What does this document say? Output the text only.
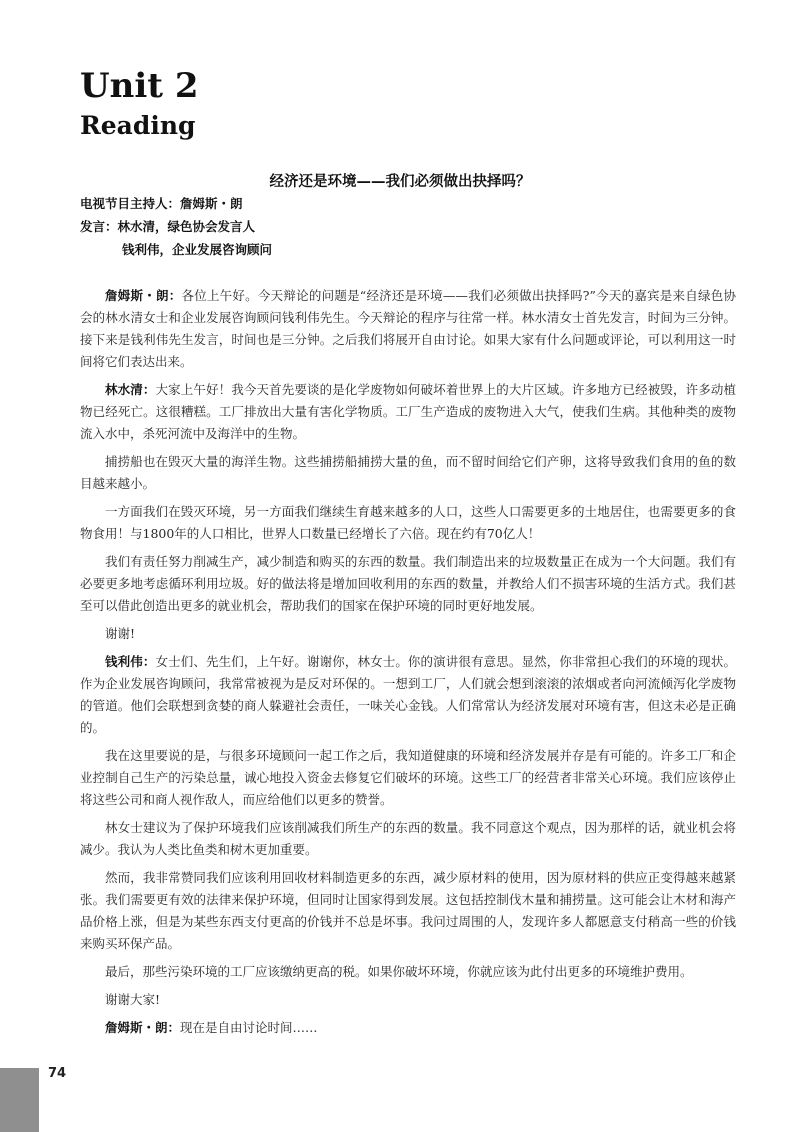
Unit 2
Reading
经济还是环境——我们必须做出抉择吗？
电视节目主持人：詹姆斯・朗
发言：林水清，绿色协会发言人
钱利伟，企业发展咨询顾问

詹姆斯・朗：各位上午好。今天辩论的问题是“经济还是环境——我们必须做出抉择吗?”今天的嘉宾是来自绿色协会的林水清女士和企业发展咨询顾问钱利伟先生。今天辩论的程序与往常一样。林水清女士首先发言，时间为三分钟。接下来是钱利伟先生发言，时间也是三分钟。之后我们将展开自由讨论。如果大家有什么问题或评论，可以利用这一时间将它们表达出来。

林水清：大家上午好！我今天首先要谈的是化学废物如何破坏着世界上的大片区域。许多地方已经被毁，许多动植物已经死亡。这很糟糕。工厂排放出大量有害化学物质。工厂生产造成的废物进入大气，使我们生病。其他种类的废物流入水中，杀死河流中及海洋中的生物。

捕捞船也在毁灭大量的海洋生物。这些捕捞船捕捞大量的鱼，而不留时间给它们产卵，这将导致我们食用的鱼的数目越来越小。

一方面我们在毁灭环境，另一方面我们继续生育越来越多的人口，这些人口需要更多的土地居住，也需要更多的食物食用！与1800年的人口相比，世界人口数量已经增长了六倍。现在约有70亿人！

我们有责任努力削减生产，减少制造和购买的东西的数量。我们制造出来的垃圾数量正在成为一个大问题。我们有必要更多地考虑循环利用垃圾。好的做法将是增加回收利用的东西的数量，并教给人们不损害环境的生活方式。我们甚至可以借此创造出更多的就业机会，帮助我们的国家在保护环境的同时更好地发展。

谢谢!

钱利伟：女士们、先生们，上午好。谢谢你，林女士。你的演讲很有意思。显然，你非常担心我们的环境的现状。作为企业发展咨询顾问，我常常被视为是反对环保的。一想到工厂，人们就会想到滚滚的浓烟或者向河流倾泻化学废物的管道。他们会联想到贪婪的商人躲避社会责任，一味关心金钱。人们常常认为经济发展对环境有害，但这未必是正确的。

我在这里要说的是，与很多环境顾问一起工作之后，我知道健康的环境和经济发展并存是有可能的。许多工厂和企业控制自己生产的污染总量，诚心地投入资金去修复它们破坏的环境。这些工厂的经营者非常关心环境。我们应该停止将这些公司和商人视作敌人，而应给他们以更多的赞誉。

林女士建议为了保护环境我们应该削减我们所生产的东西的数量。我不同意这个观点，因为那样的话，就业机会将减少。我认为人类比鱼类和树木更加重要。

然而，我非常赞同我们应该利用回收材料制造更多的东西，减少原材料的使用，因为原材料的供应正变得越来越紧张。我们需要更有效的法律来保护环境，但同时让国家得到发展。这包括控制伐木量和捕捞量。这可能会让木材和海产品价格上涨，但是为某些东西支付更高的价钱并不总是坏事。我问过周围的人，发现许多人都愿意支付稍高一些的价钱来购买环保产品。

最后，那些污染环境的工厂应该缴纳更高的税。如果你破坏环境，你就应该为此付出更多的环境维护费用。

谢谢大家!

詹姆斯・朗：现在是自由讨论时间……

74
